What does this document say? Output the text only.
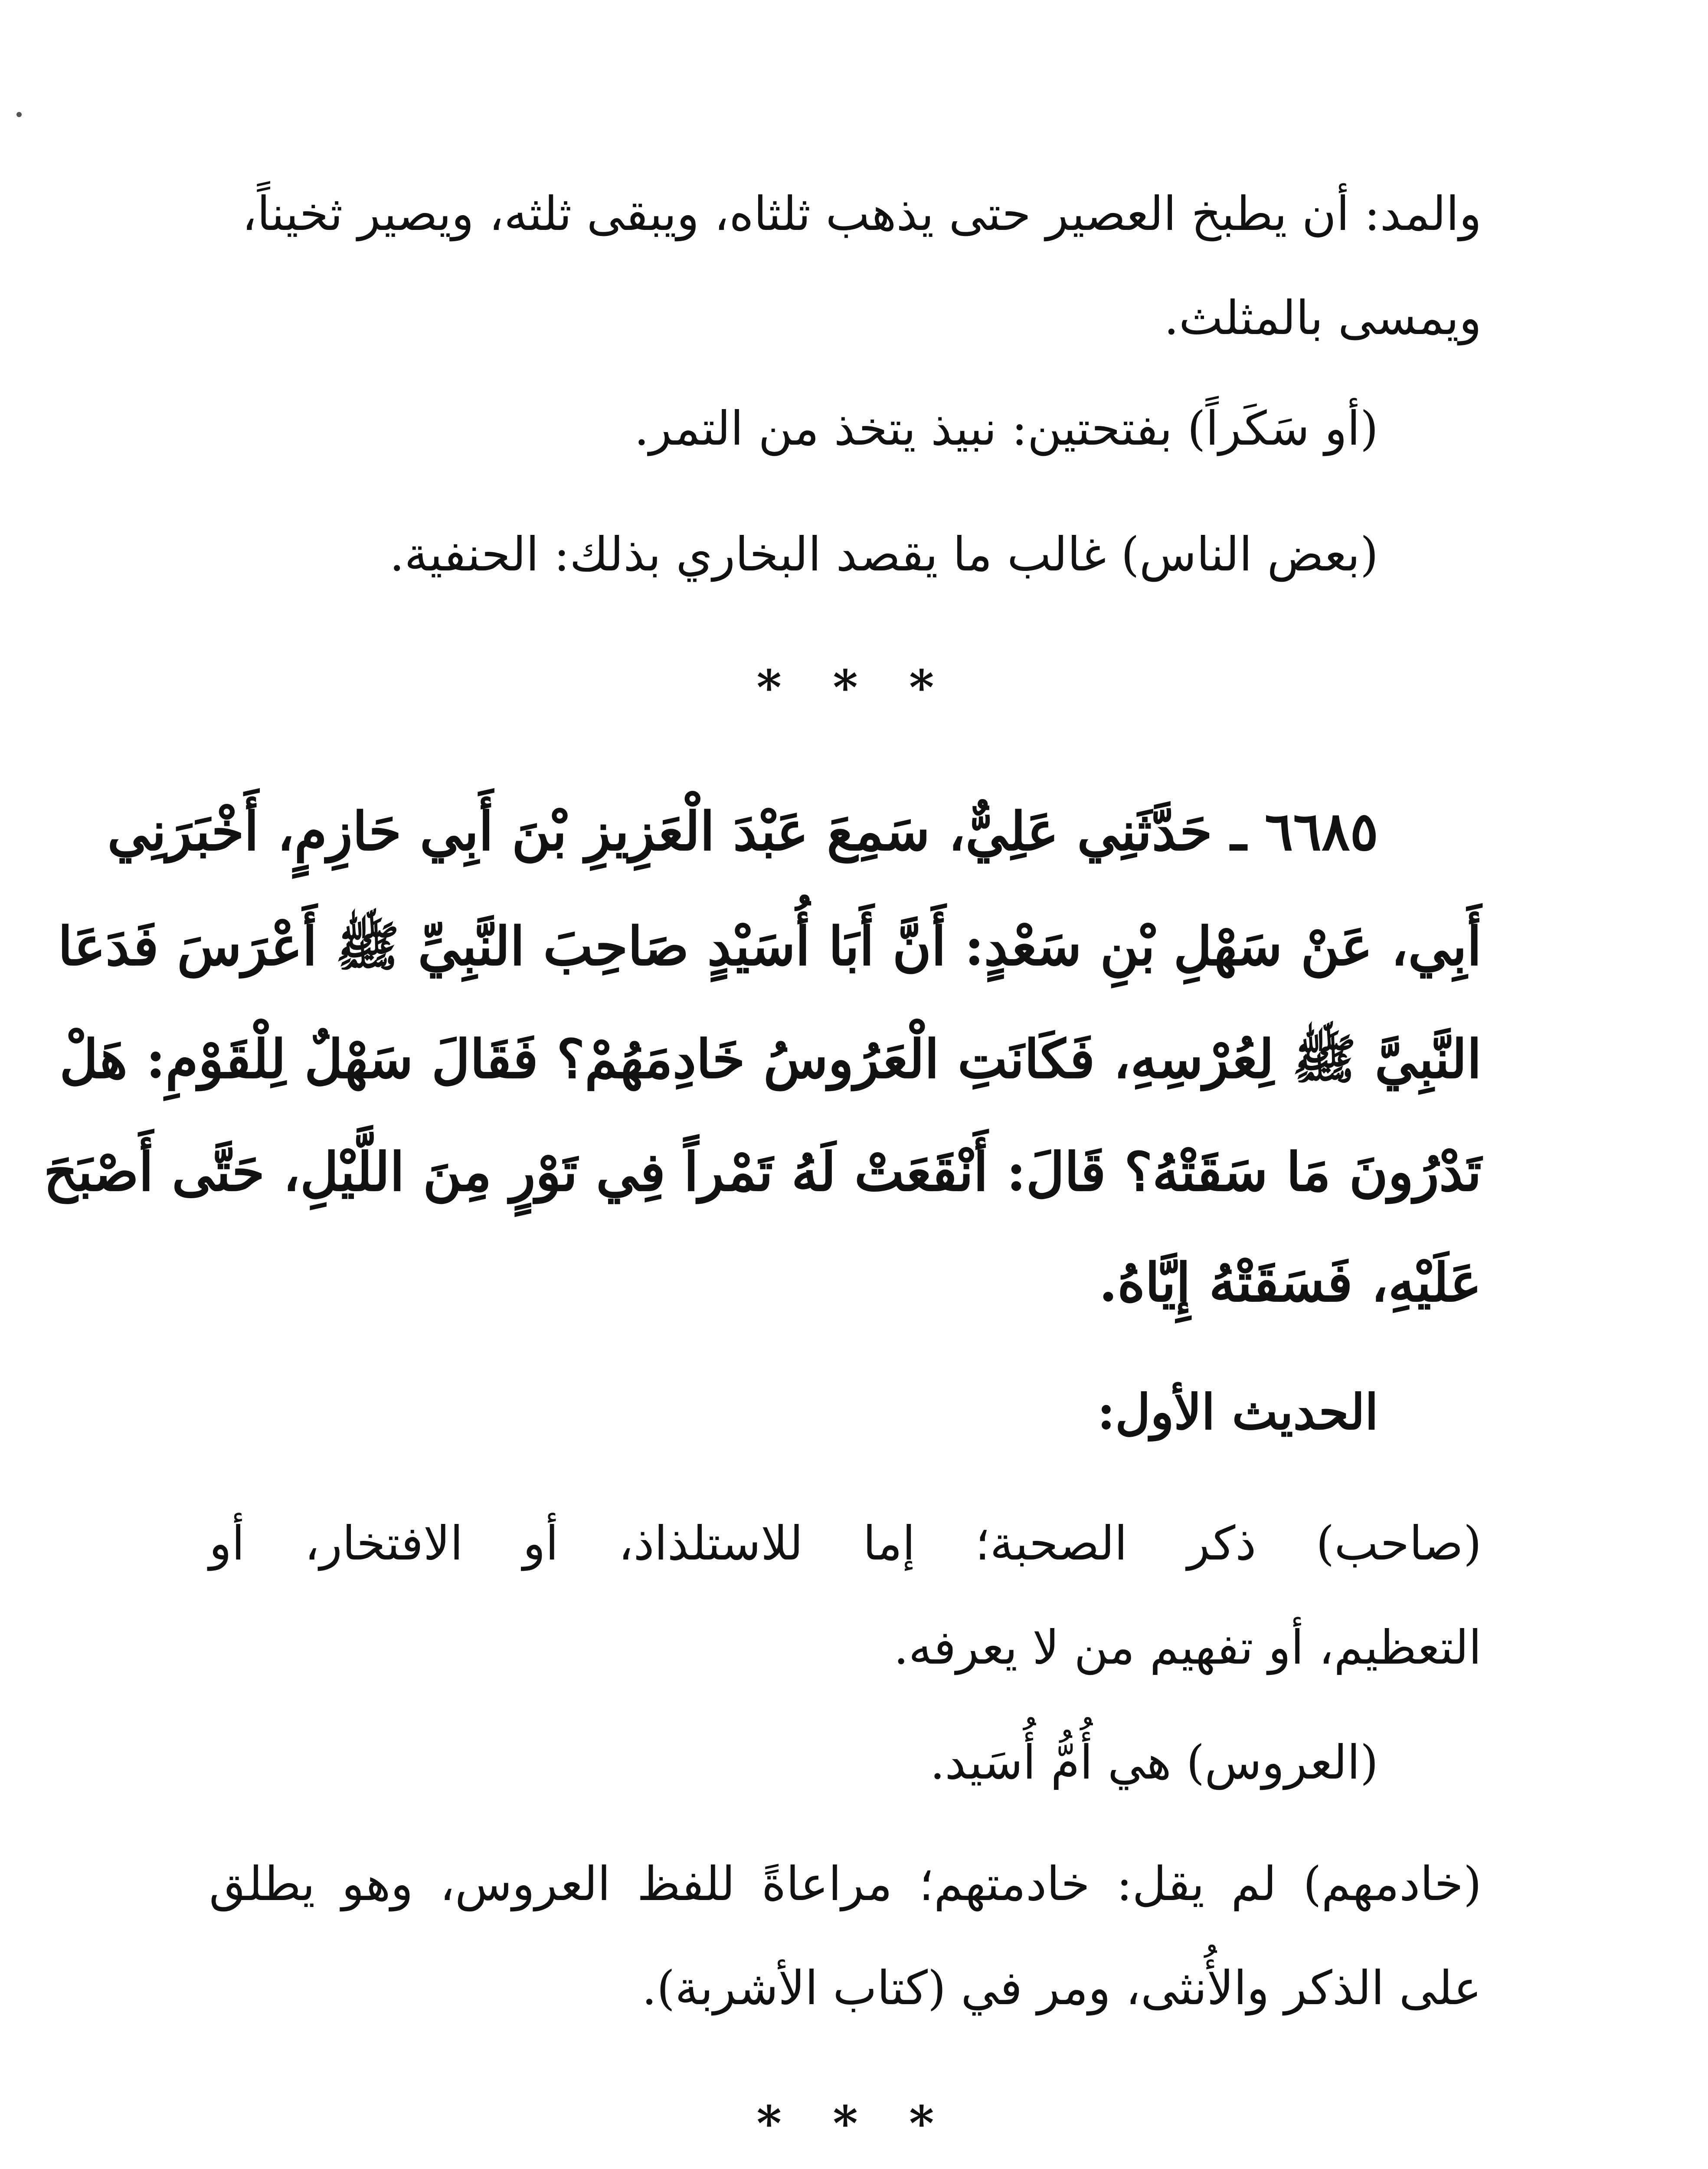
والمد: أن يطبخ العصير حتى يذهب ثلثاه، ويبقى ثلثه، ويصير ثخيناً،
ويمسى بالمثلث.
(أو سَكَراً) بفتحتين: نبيذ يتخذ من التمر.
(بعض الناس) غالب ما يقصد البخاري بذلك: الحنفية.
* * *
٦٦٨٥ ـ حَدَّثَنِي عَلِيٌّ، سَمِعَ عَبْدَ الْعَزِيزِ بْنَ أَبِي حَازِمٍ، أَخْبَرَنِي
أَبِي، عَنْ سَهْلِ بْنِ سَعْدٍ: أَنَّ أَبَا أُسَيْدٍ صَاحِبَ النَّبِيِّ ﷺ أَعْرَسَ فَدَعَا
النَّبِيَّ ﷺ لِعُرْسِهِ، فَكَانَتِ الْعَرُوسُ خَادِمَهُمْ؟ فَقَالَ سَهْلٌ لِلْقَوْمِ: هَلْ
تَدْرُونَ مَا سَقَتْهُ؟ قَالَ: أَنْقَعَتْ لَهُ تَمْراً فِي تَوْرٍ مِنَ اللَّيْلِ، حَتَّى أَصْبَحَ
عَلَيْهِ، فَسَقَتْهُ إِيَّاهُ.
الحديث الأول:
(صاحب) ذكر الصحبة؛ إما للاستلذاذ، أو الافتخار، أو
التعظيم، أو تفهيم من لا يعرفه.
(العروس) هي أُمُّ أُسَيد.
(خادمهم) لم يقل: خادمتهم؛ مراعاةً للفظ العروس، وهو يطلق
على الذكر والأُنثى، ومر في (كتاب الأشربة).
* * *
